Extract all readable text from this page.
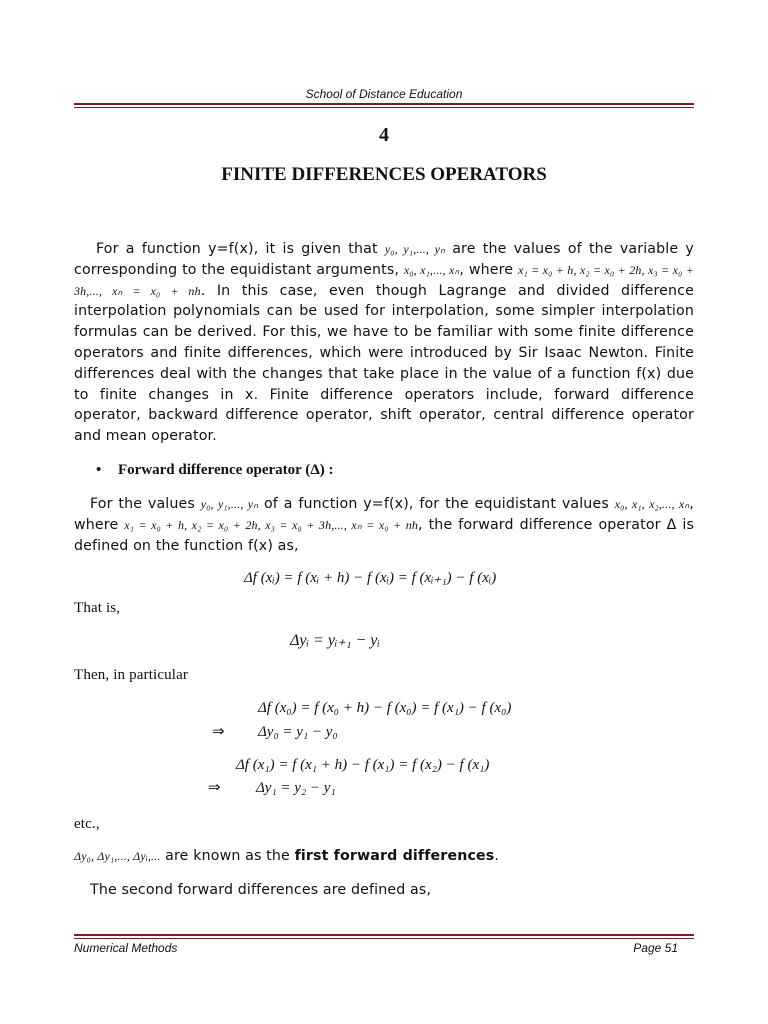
School of Distance Education
4
FINITE DIFFERENCES OPERATORS
For a function y=f(x), it is given that y₀, y₁,..., yₙ are the values of the variable y corresponding to the equidistant arguments, x₀, x₁,..., xₙ, where x₁ = x₀ + h, x₂ = x₀ + 2h, x₃ = x₀ + 3h,..., xₙ = x₀ + nh. In this case, even though Lagrange and divided difference interpolation polynomials can be used for interpolation, some simpler interpolation formulas can be derived. For this, we have to be familiar with some finite difference operators and finite differences, which were introduced by Sir Isaac Newton. Finite differences deal with the changes that take place in the value of a function f(x) due to finite changes in x. Finite difference operators include, forward difference operator, backward difference operator, shift operator, central difference operator and mean operator.
• Forward difference operator (Δ) :
For the values y₀, y₁,..., yₙ of a function y=f(x), for the equidistant values x₀, x₁, x₂,..., xₙ, where x₁ = x₀ + h, x₂ = x₀ + 2h, x₃ = x₀ + 3h,..., xₙ = x₀ + nh, the forward difference operator Δ is defined on the function f(x) as,
Δf (xᵢ) = f (xᵢ + h) − f (xᵢ) = f (xᵢ₊₁) − f (xᵢ)
That is,
Δyᵢ = yᵢ₊₁ − yᵢ
Then, in particular
Δf (x₀) = f (x₀ + h) − f (x₀) = f (x₁) − f (x₀)
⇒ Δy₀ = y₁ − y₀
Δf (x₁) = f (x₁ + h) − f (x₁) = f (x₂) − f (x₁)
⇒ Δy₁ = y₂ − y₁
etc.,
Δy₀, Δy₁,..., Δyᵢ,... are known as the first forward differences.
The second forward differences are defined as,
Numerical Methods	Page 51
